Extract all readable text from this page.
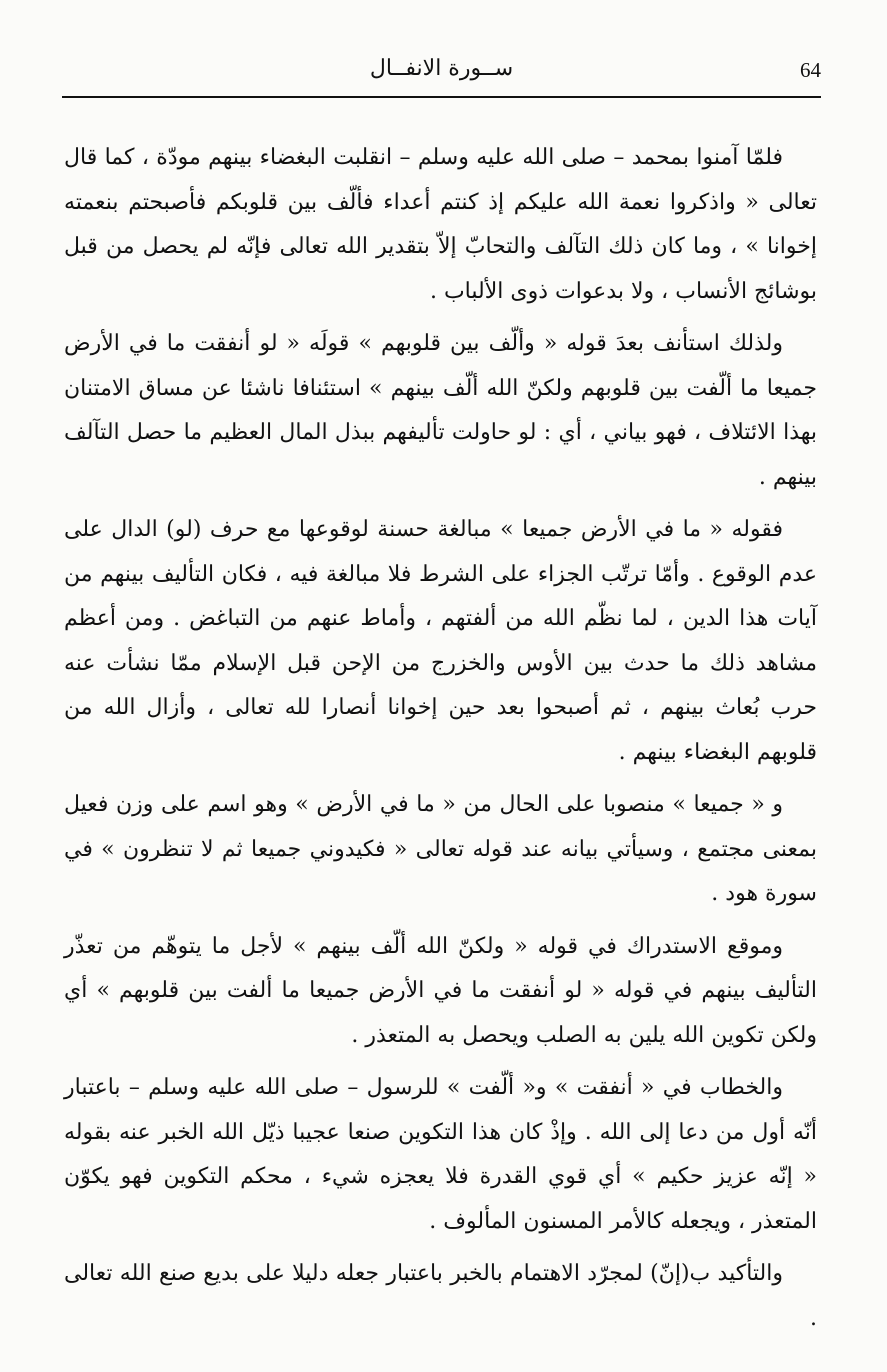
64
ســورة الانفــال

فلمّا آمنوا بمحمد – صلى الله عليه وسلم – انقلبت البغضاء بينهم مودّة ، كما قال تعالى « واذكروا نعمة الله عليكم إذ كنتم أعداء فألّف بين قلوبكم فأصبحتم بنعمته إخوانا » ، وما كان ذلك التآلف والتحابّ إلاّ بتقدير الله تعالى فإنّه لم يحصل من قبل بوشائج الأنساب ، ولا بدعوات ذوى الألباب .

ولذلك استأنف بعدَ قوله « وألّف بين قلوبهم » قولَه « لو أنفقت ما في الأرض جميعا ما ألّفت بين قلوبهم ولكنّ الله ألّف بينهم » استئنافا ناشئا عن مساق الامتنان بهذا الائتلاف ، فهو بياني ، أي : لو حاولت تأليفهم ببذل المال العظيم ما حصل التآلف بينهم .

فقوله « ما في الأرض جميعا » مبالغة حسنة لوقوعها مع حرف (لو) الدال على عدم الوقوع . وأمّا ترتّب الجزاء على الشرط فلا مبالغة فيه ، فكان التأليف بينهم من آيات هذا الدين ، لما نظّم الله من ألفتهم ، وأماط عنهم من التباغض . ومن أعظم مشاهد ذلك ما حدث بين الأوس والخزرج من الإحن قبل الإسلام ممّا نشأت عنه حرب بُعاث بينهم ، ثم أصبحوا بعد حين إخوانا أنصارا لله تعالى ، وأزال الله من قلوبهم البغضاء بينهم .

و « جميعا » منصوبا على الحال من « ما في الأرض » وهو اسم على وزن فعيل بمعنى مجتمع ، وسيأتي بيانه عند قوله تعالى « فكيدوني جميعا ثم لا تنظرون » في سورة هود .

وموقع الاستدراك في قوله « ولكنّ الله ألّف بينهم » لأجل ما يتوهّم من تعذّر التأليف بينهم في قوله « لو أنفقت ما في الأرض جميعا ما ألفت بين قلوبهم » أي ولكن تكوين الله يلين به الصلب ويحصل به المتعذر .

والخطاب في « أنفقت » و« ألّفت » للرسول – صلى الله عليه وسلم – باعتبار أنّه أول من دعا إلى الله . وإذْ كان هذا التكوين صنعا عجيبا ذيّل الله الخبر عنه بقوله « إنّه عزيز حكيم » أي قوي القدرة فلا يعجزه شيء ، محكم التكوين فهو يكوّن المتعذر ، ويجعله كالأمر المسنون المألوف .

والتأكيد ب(إنّ) لمجرّد الاهتمام بالخبر باعتبار جعله دليلا على بديع صنع الله تعالى .
